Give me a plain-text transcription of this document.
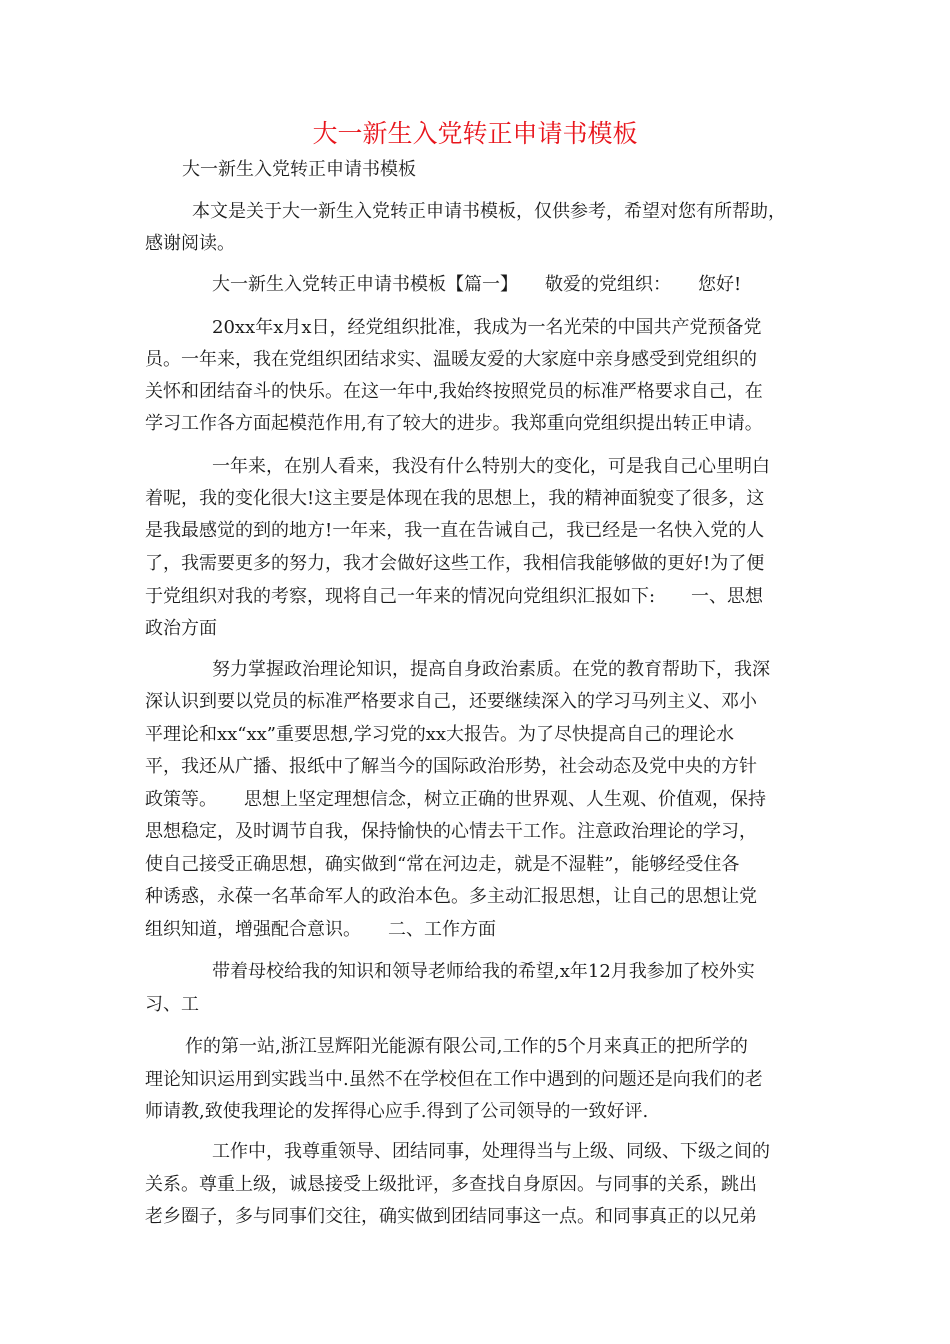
大一新生入党转正申请书模板
大一新生入党转正申请书模板
本文是关于大一新生入党转正申请书模板，仅供参考，希望对您有所帮助，
感谢阅读。
大一新生入党转正申请书模板【篇一】　　敬爱的党组织：　　您好!
20xx年x月x日，经党组织批准，我成为一名光荣的中国共产党预备党
员。一年来，我在党组织团结求实、温暖友爱的大家庭中亲身感受到党组织的
关怀和团结奋斗的快乐。在这一年中,我始终按照党员的标准严格要求自己，在
学习工作各方面起模范作用,有了较大的进步。我郑重向党组织提出转正申请。
一年来，在别人看来，我没有什么特别大的变化，可是我自己心里明白
着呢，我的变化很大!这主要是体现在我的思想上，我的精神面貌变了很多，这
是我最感觉的到的地方!一年来，我一直在告诫自己，我已经是一名快入党的人
了，我需要更多的努力，我才会做好这些工作，我相信我能够做的更好!为了便
于党组织对我的考察，现将自己一年来的情况向党组织汇报如下:　　一、思想
政治方面
努力掌握政治理论知识，提高自身政治素质。在党的教育帮助下，我深
深认识到要以党员的标准严格要求自己，还要继续深入的学习马列主义、邓小
平理论和xx“xx”重要思想,学习党的xx大报告。为了尽快提高自己的理论水
平，我还从广播、报纸中了解当今的国际政治形势，社会动态及党中央的方针
政策等。　　思想上坚定理想信念，树立正确的世界观、人生观、价值观，保持
思想稳定，及时调节自我，保持愉快的心情去干工作。注意政治理论的学习，
使自己接受正确思想，确实做到“常在河边走，就是不湿鞋”，能够经受住各
种诱惑，永葆一名革命军人的政治本色。多主动汇报思想，让自己的思想让党
组织知道，增强配合意识。　　二、工作方面
带着母校给我的知识和领导老师给我的希望,x年12月我参加了校外实
习、工
作的第一站,浙江昱辉阳光能源有限公司,工作的5个月来真正的把所学的
理论知识运用到实践当中.虽然不在学校但在工作中遇到的问题还是向我们的老
师请教,致使我理论的发挥得心应手.得到了公司领导的一致好评.
工作中，我尊重领导、团结同事，处理得当与上级、同级、下级之间的
关系。尊重上级，诚恳接受上级批评，多查找自身原因。与同事的关系，跳出
老乡圈子，多与同事们交往，确实做到团结同事这一点。和同事真正的以兄弟
